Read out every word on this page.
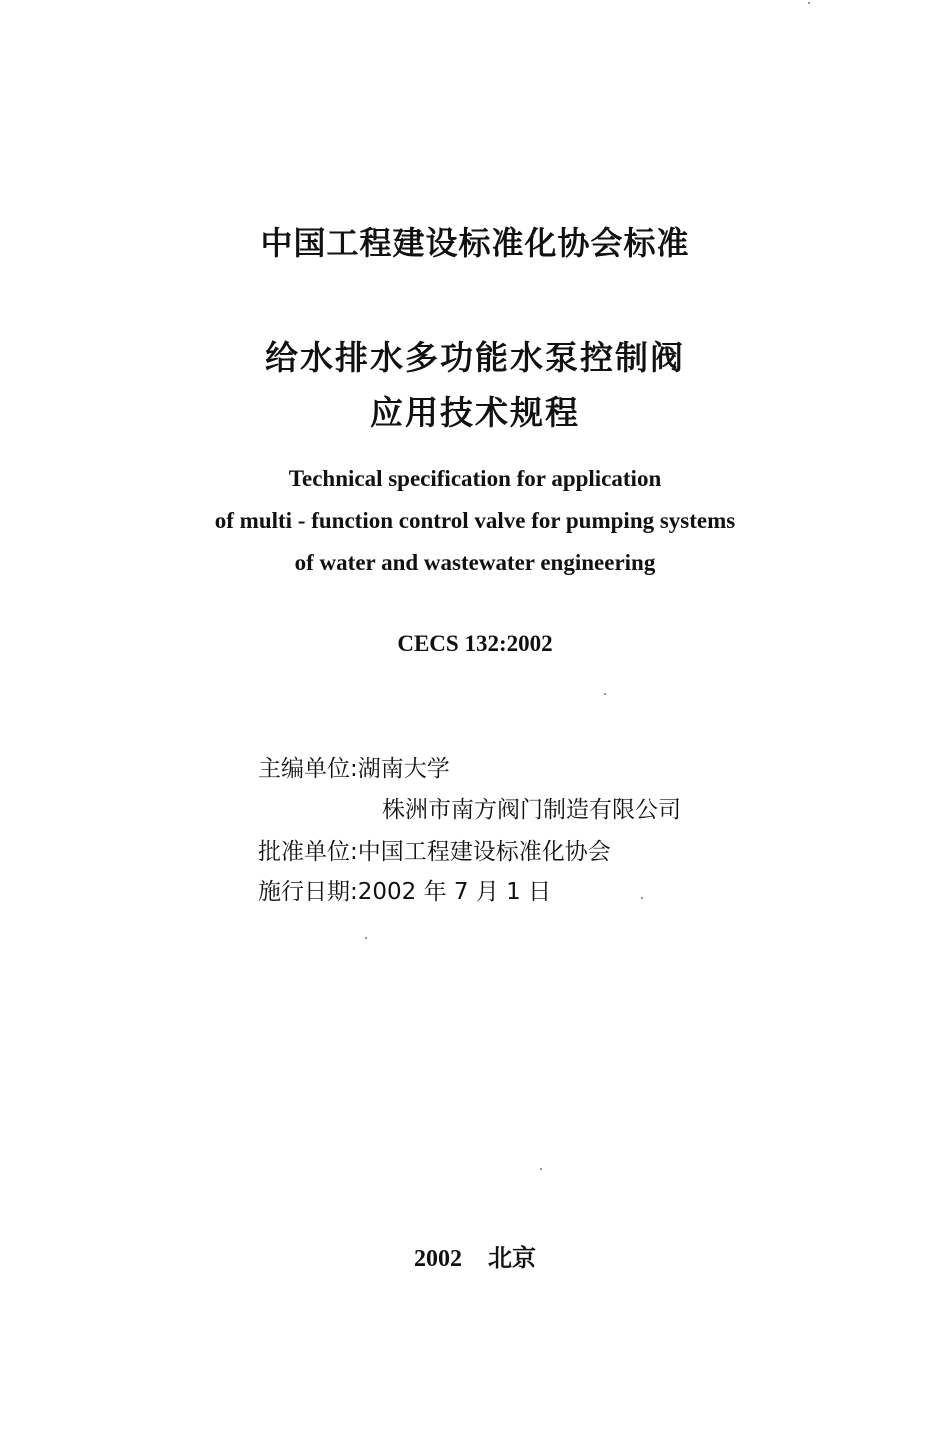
中国工程建设标准化协会标准
给水排水多功能水泵控制阀
应用技术规程
Technical specification for application
of multi - function control valve for pumping systems
of water and wastewater engineering
CECS 132:2002
主编单位:湖南大学
株洲市南方阀门制造有限公司
批准单位:中国工程建设标准化协会
施行日期:2002 年 7 月 1 日
2002 北京
